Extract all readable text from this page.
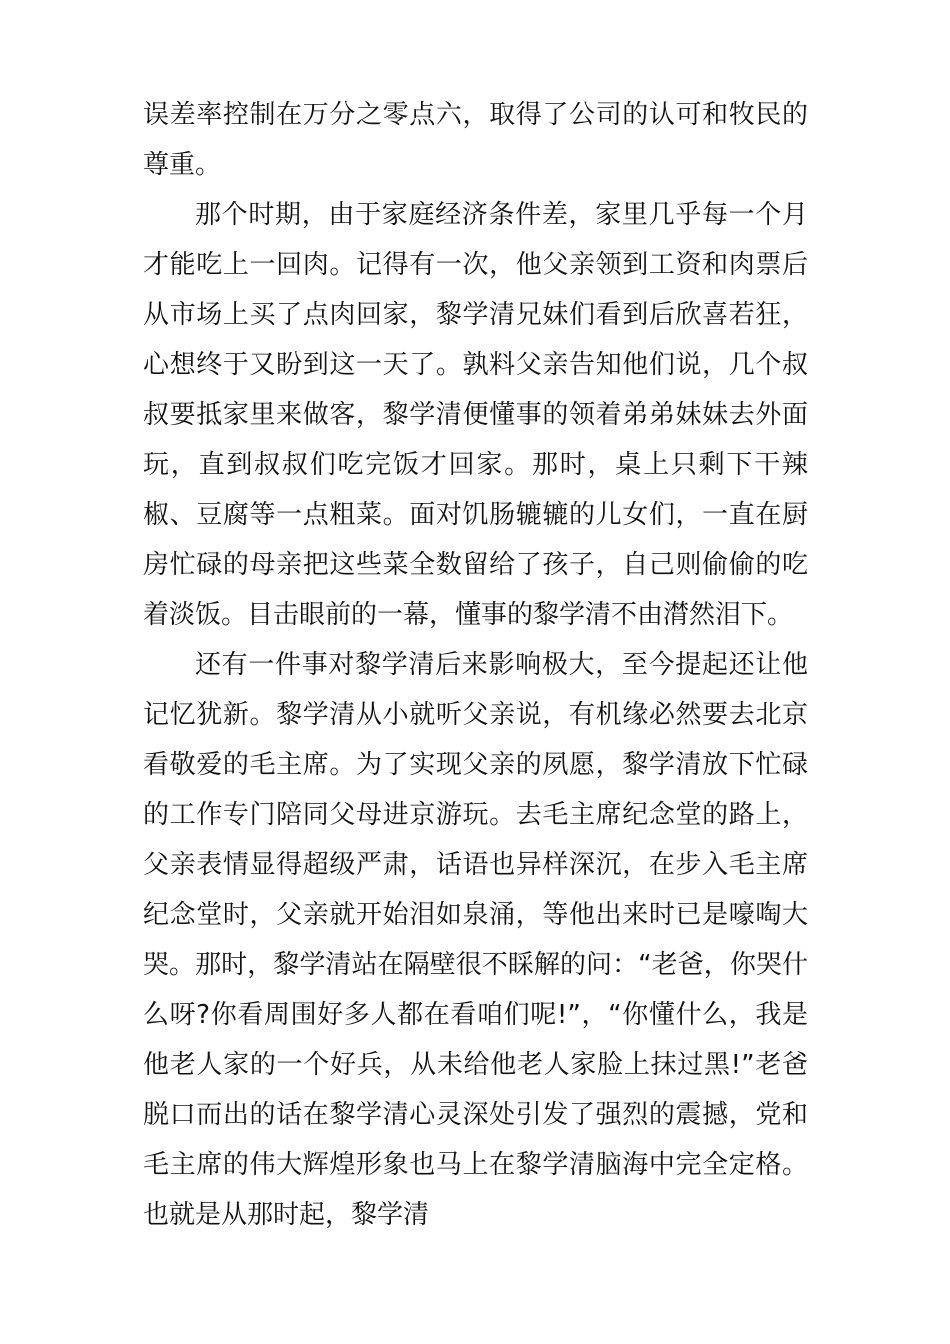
误差率控制在万分之零点六，取得了公司的认可和牧民的尊重。

那个时期，由于家庭经济条件差，家里几乎每一个月才能吃上一回肉。记得有一次，他父亲领到工资和肉票后从市场上买了点肉回家，黎学清兄妹们看到后欣喜若狂，心想终于又盼到这一天了。孰料父亲告知他们说，几个叔叔要抵家里来做客，黎学清便懂事的领着弟弟妹妹去外面玩，直到叔叔们吃完饭才回家。那时，桌上只剩下干辣椒、豆腐等一点粗菜。面对饥肠辘辘的儿女们，一直在厨房忙碌的母亲把这些菜全数留给了孩子，自己则偷偷的吃着淡饭。目击眼前的一幕，懂事的黎学清不由潸然泪下。

还有一件事对黎学清后来影响极大，至今提起还让他记忆犹新。黎学清从小就听父亲说，有机缘必然要去北京看敬爱的毛主席。为了实现父亲的夙愿，黎学清放下忙碌的工作专门陪同父母进京游玩。去毛主席纪念堂的路上，父亲表情显得超级严肃，话语也异样深沉，在步入毛主席纪念堂时，父亲就开始泪如泉涌，等他出来时已是嚎啕大哭。那时，黎学清站在隔壁很不睬解的问：“老爸，你哭什么呀?你看周围好多人都在看咱们呢!”，“你懂什么，我是他老人家的一个好兵，从未给他老人家脸上抹过黑!”老爸脱口而出的话在黎学清心灵深处引发了强烈的震撼，党和毛主席的伟大辉煌形象也马上在黎学清脑海中完全定格。也就是从那时起，黎学清
